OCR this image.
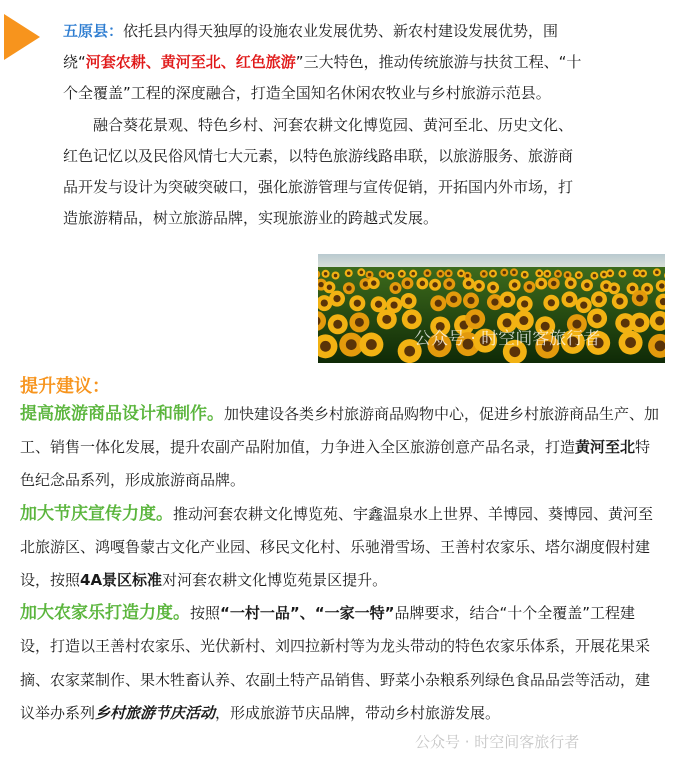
五原县：依托县内得天独厚的设施农业发展优势、新农村建设发展优势，围绕“河套农耕、黄河至北、红色旅游”三大特色，推动传统旅游与扶贫工程、“十个全覆盖”工程的深度融合，打造全国知名休闲农牧业与乡村旅游示范县。

融合葵花景观、特色乡村、河套农耕文化博览园、黄河至北、历史文化、红色记忆以及民俗风情七大元素，以特色旅游线路串联，以旅游服务、旅游商品开发与设计为突破突破口，强化旅游管理与宣传促销，开拓国内外市场，打造旅游精品，树立旅游品牌，实现旅游业的跨越式发展。

公众号 · 时空间客旅行者

提升建议：

提高旅游商品设计和制作。加快建设各类乡村旅游商品购物中心，促进乡村旅游商品生产、加工、销售一体化发展，提升农副产品附加值，力争进入全区旅游创意产品名录，打造黄河至北特色纪念品系列，形成旅游商品牌。

加大节庆宣传力度。推动河套农耕文化博览苑、宇鑫温泉水上世界、羊博园、葵博园、黄河至北旅游区、鸿嘎鲁蒙古文化产业园、移民文化村、乐驰滑雪场、王善村农家乐、塔尔湖度假村建设，按照4A景区标准对河套农耕文化博览苑景区提升。

加大农家乐打造力度。按照“一村一品”、“一家一特”品牌要求，结合“十个全覆盖”工程建设，打造以王善村农家乐、光伏新村、刘四拉新村等为龙头带动的特色农家乐体系，开展花果采摘、农家菜制作、果木牲畜认养、农副土特产品销售、野菜小杂粮系列绿色食品品尝等活动，建议举办系列乡村旅游节庆活动，形成旅游节庆品牌，带动乡村旅游发展。

公众号 · 时空间客旅行者
